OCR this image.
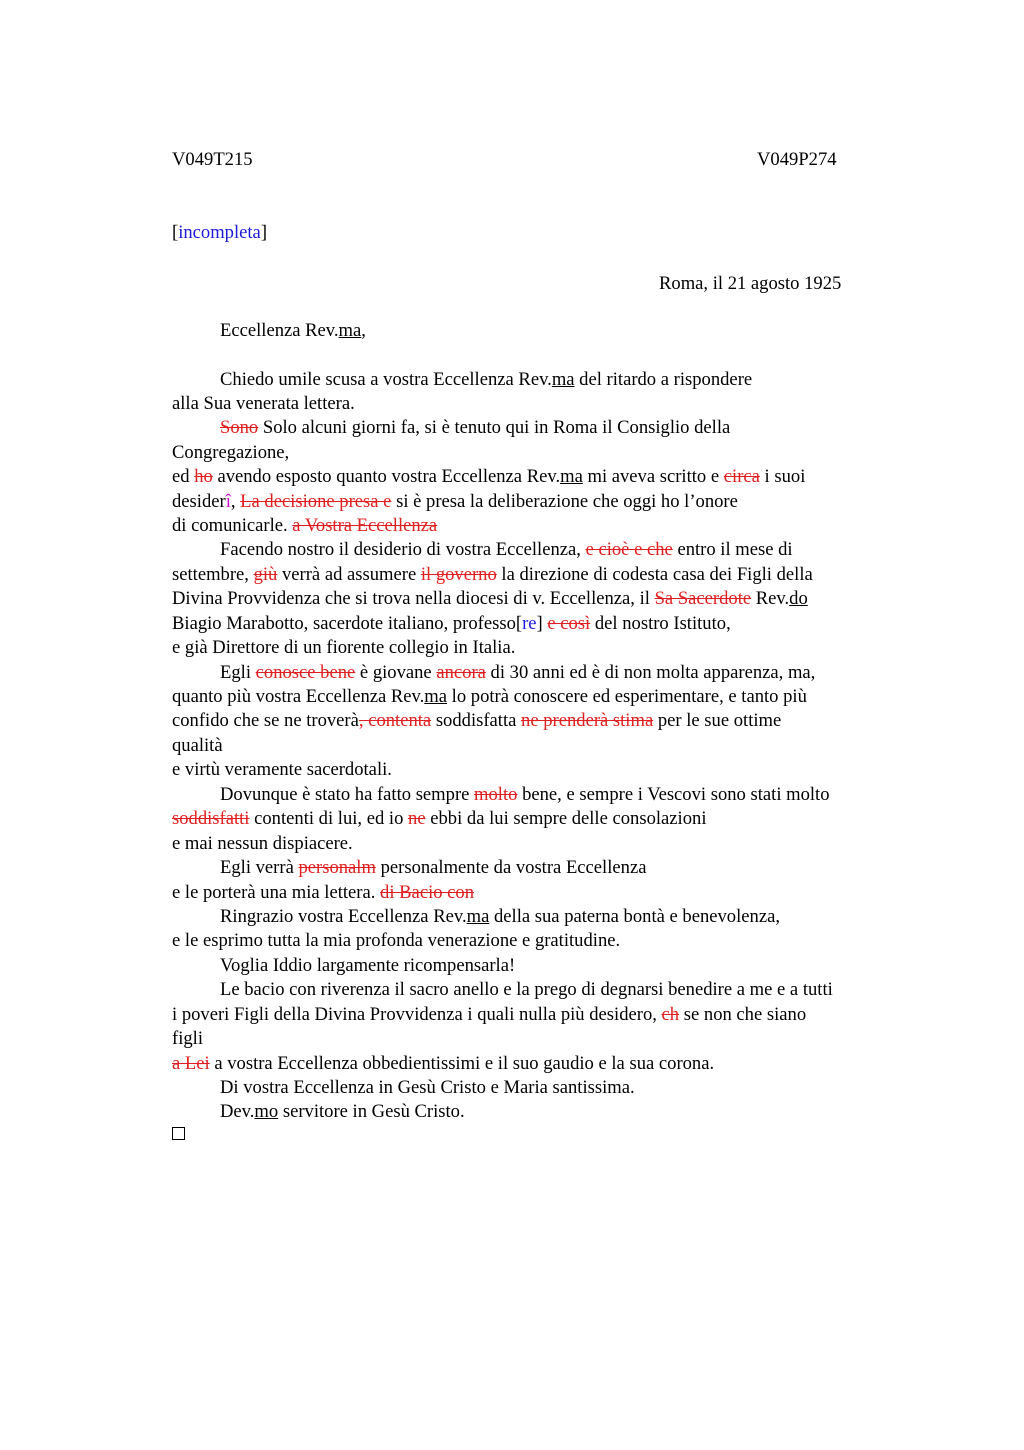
V049T215	V049P274
[incompleta]
Roma, il 21 agosto 1925
Eccellenza Rev.ma,
Chiedo umile scusa a vostra Eccellenza Rev.ma del ritardo a rispondere
alla Sua venerata lettera.
Sono Solo alcuni giorni fa, si è tenuto qui in Roma il Consiglio della
Congregazione,
ed ho avendo esposto quanto vostra Eccellenza Rev.ma mi aveva scritto e circa i suoi
desiderî, La decisione presa e si è presa la deliberazione che oggi ho l’onore
di comunicarle. a Vostra Eccellenza
Facendo nostro il desiderio di vostra Eccellenza, e cioè e che entro il mese di
settembre, giù verrà ad assumere il governo la direzione di codesta casa dei Figli della
Divina Provvidenza che si trova nella diocesi di v. Eccellenza, il Sa Sacerdote Rev.do
Biagio Marabotto, sacerdote italiano, professo[re] e così del nostro Istituto,
e già Direttore di un fiorente collegio in Italia.
Egli conosce bene è giovane ancora di 30 anni ed è di non molta apparenza, ma,
quanto più vostra Eccellenza Rev.ma lo potrà conoscere ed esperimentare, e tanto più
confido che se ne troverà, contenta soddisfatta ne prenderà stima per le sue ottime
qualità
e virtù veramente sacerdotali.
Dovunque è stato ha fatto sempre molto bene, e sempre i Vescovi sono stati molto
soddisfatti contenti di lui, ed io ne ebbi da lui sempre delle consolazioni
e mai nessun dispiacere.
Egli verrà personalm personalmente da vostra Eccellenza
e le porterà una mia lettera. di Bacio con
Ringrazio vostra Eccellenza Rev.ma della sua paterna bontà e benevolenza,
e le esprimo tutta la mia profonda venerazione e gratitudine.
Voglia Iddio largamente ricompensarla!
Le bacio con riverenza il sacro anello e la prego di degnarsi benedire a me e a tutti
i poveri Figli della Divina Provvidenza i quali nulla più desidero, ch se non che siano
figli
a Lei a vostra Eccellenza obbedientissimi e il suo gaudio e la sua corona.
Di vostra Eccellenza in Gesù Cristo e Maria santissima.
Dev.mo servitore in Gesù Cristo.
